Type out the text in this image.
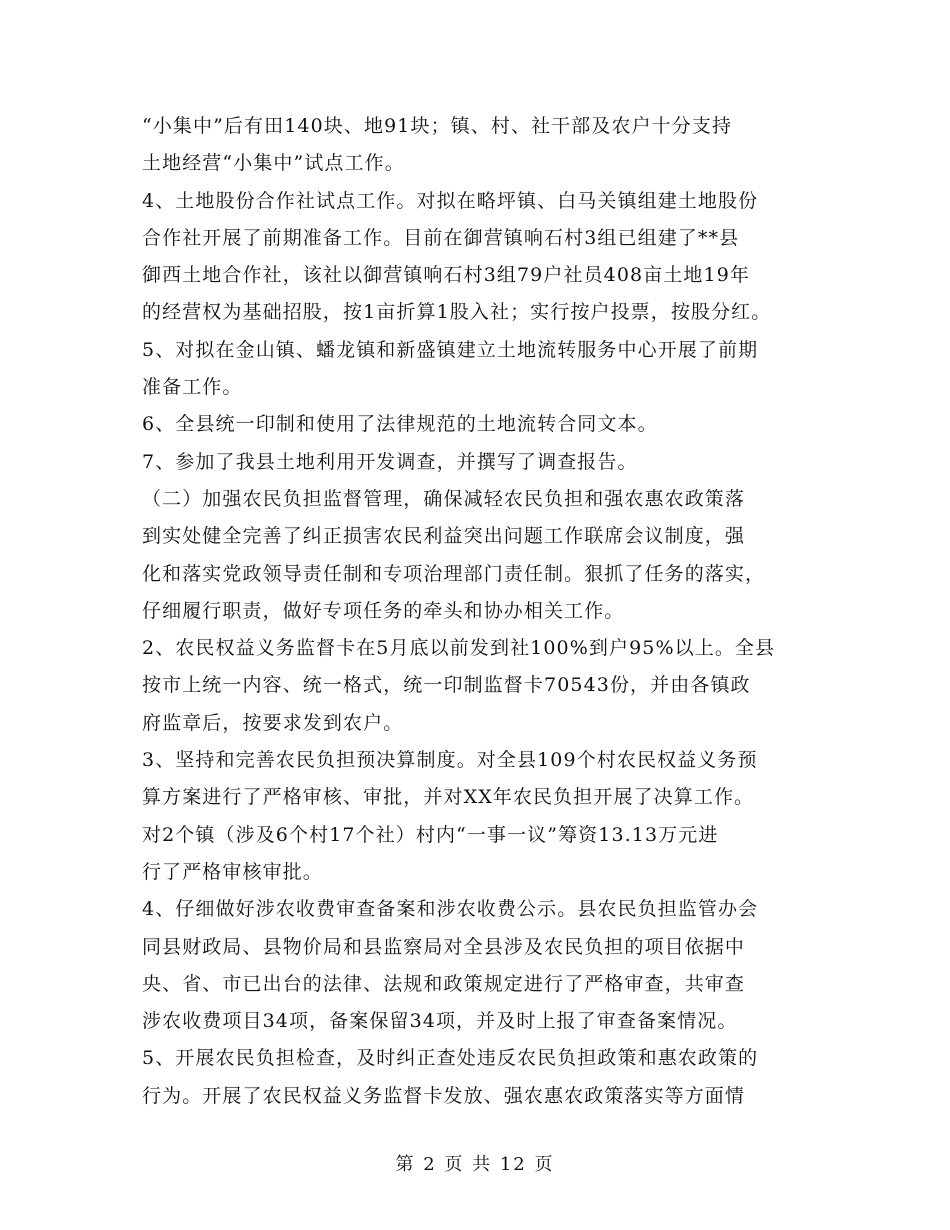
“小集中”后有田140块、地91块；镇、村、社干部及农户十分支持
土地经营“小集中”试点工作。
4、土地股份合作社试点工作。对拟在略坪镇、白马关镇组建土地股份
合作社开展了前期准备工作。目前在御营镇响石村3组已组建了**县
御西土地合作社，该社以御营镇响石村3组79户社员408亩土地19年
的经营权为基础招股，按1亩折算1股入社；实行按户投票，按股分红。
5、对拟在金山镇、蟠龙镇和新盛镇建立土地流转服务中心开展了前期
准备工作。
6、全县统一印制和使用了法律规范的土地流转合同文本。
7、参加了我县土地利用开发调查，并撰写了调查报告。
（二）加强农民负担监督管理，确保减轻农民负担和强农惠农政策落
到实处健全完善了纠正损害农民利益突出问题工作联席会议制度，强
化和落实党政领导责任制和专项治理部门责任制。狠抓了任务的落实，
仔细履行职责，做好专项任务的牵头和协办相关工作。
2、农民权益义务监督卡在5月底以前发到社100%到户95%以上。全县
按市上统一内容、统一格式，统一印制监督卡70543份，并由各镇政
府监章后，按要求发到农户。
3、坚持和完善农民负担预决算制度。对全县109个村农民权益义务预
算方案进行了严格审核、审批，并对XX年农民负担开展了决算工作。
对2个镇（涉及6个村17个社）村内“一事一议”筹资13.13万元进
行了严格审核审批。
4、仔细做好涉农收费审查备案和涉农收费公示。县农民负担监管办会
同县财政局、县物价局和县监察局对全县涉及农民负担的项目依据中
央、省、市已出台的法律、法规和政策规定进行了严格审查，共审查
涉农收费项目34项，备案保留34项，并及时上报了审查备案情况。
5、开展农民负担检查，及时纠正查处违反农民负担政策和惠农政策的
行为。开展了农民权益义务监督卡发放、强农惠农政策落实等方面情
第 2 页 共 12 页
